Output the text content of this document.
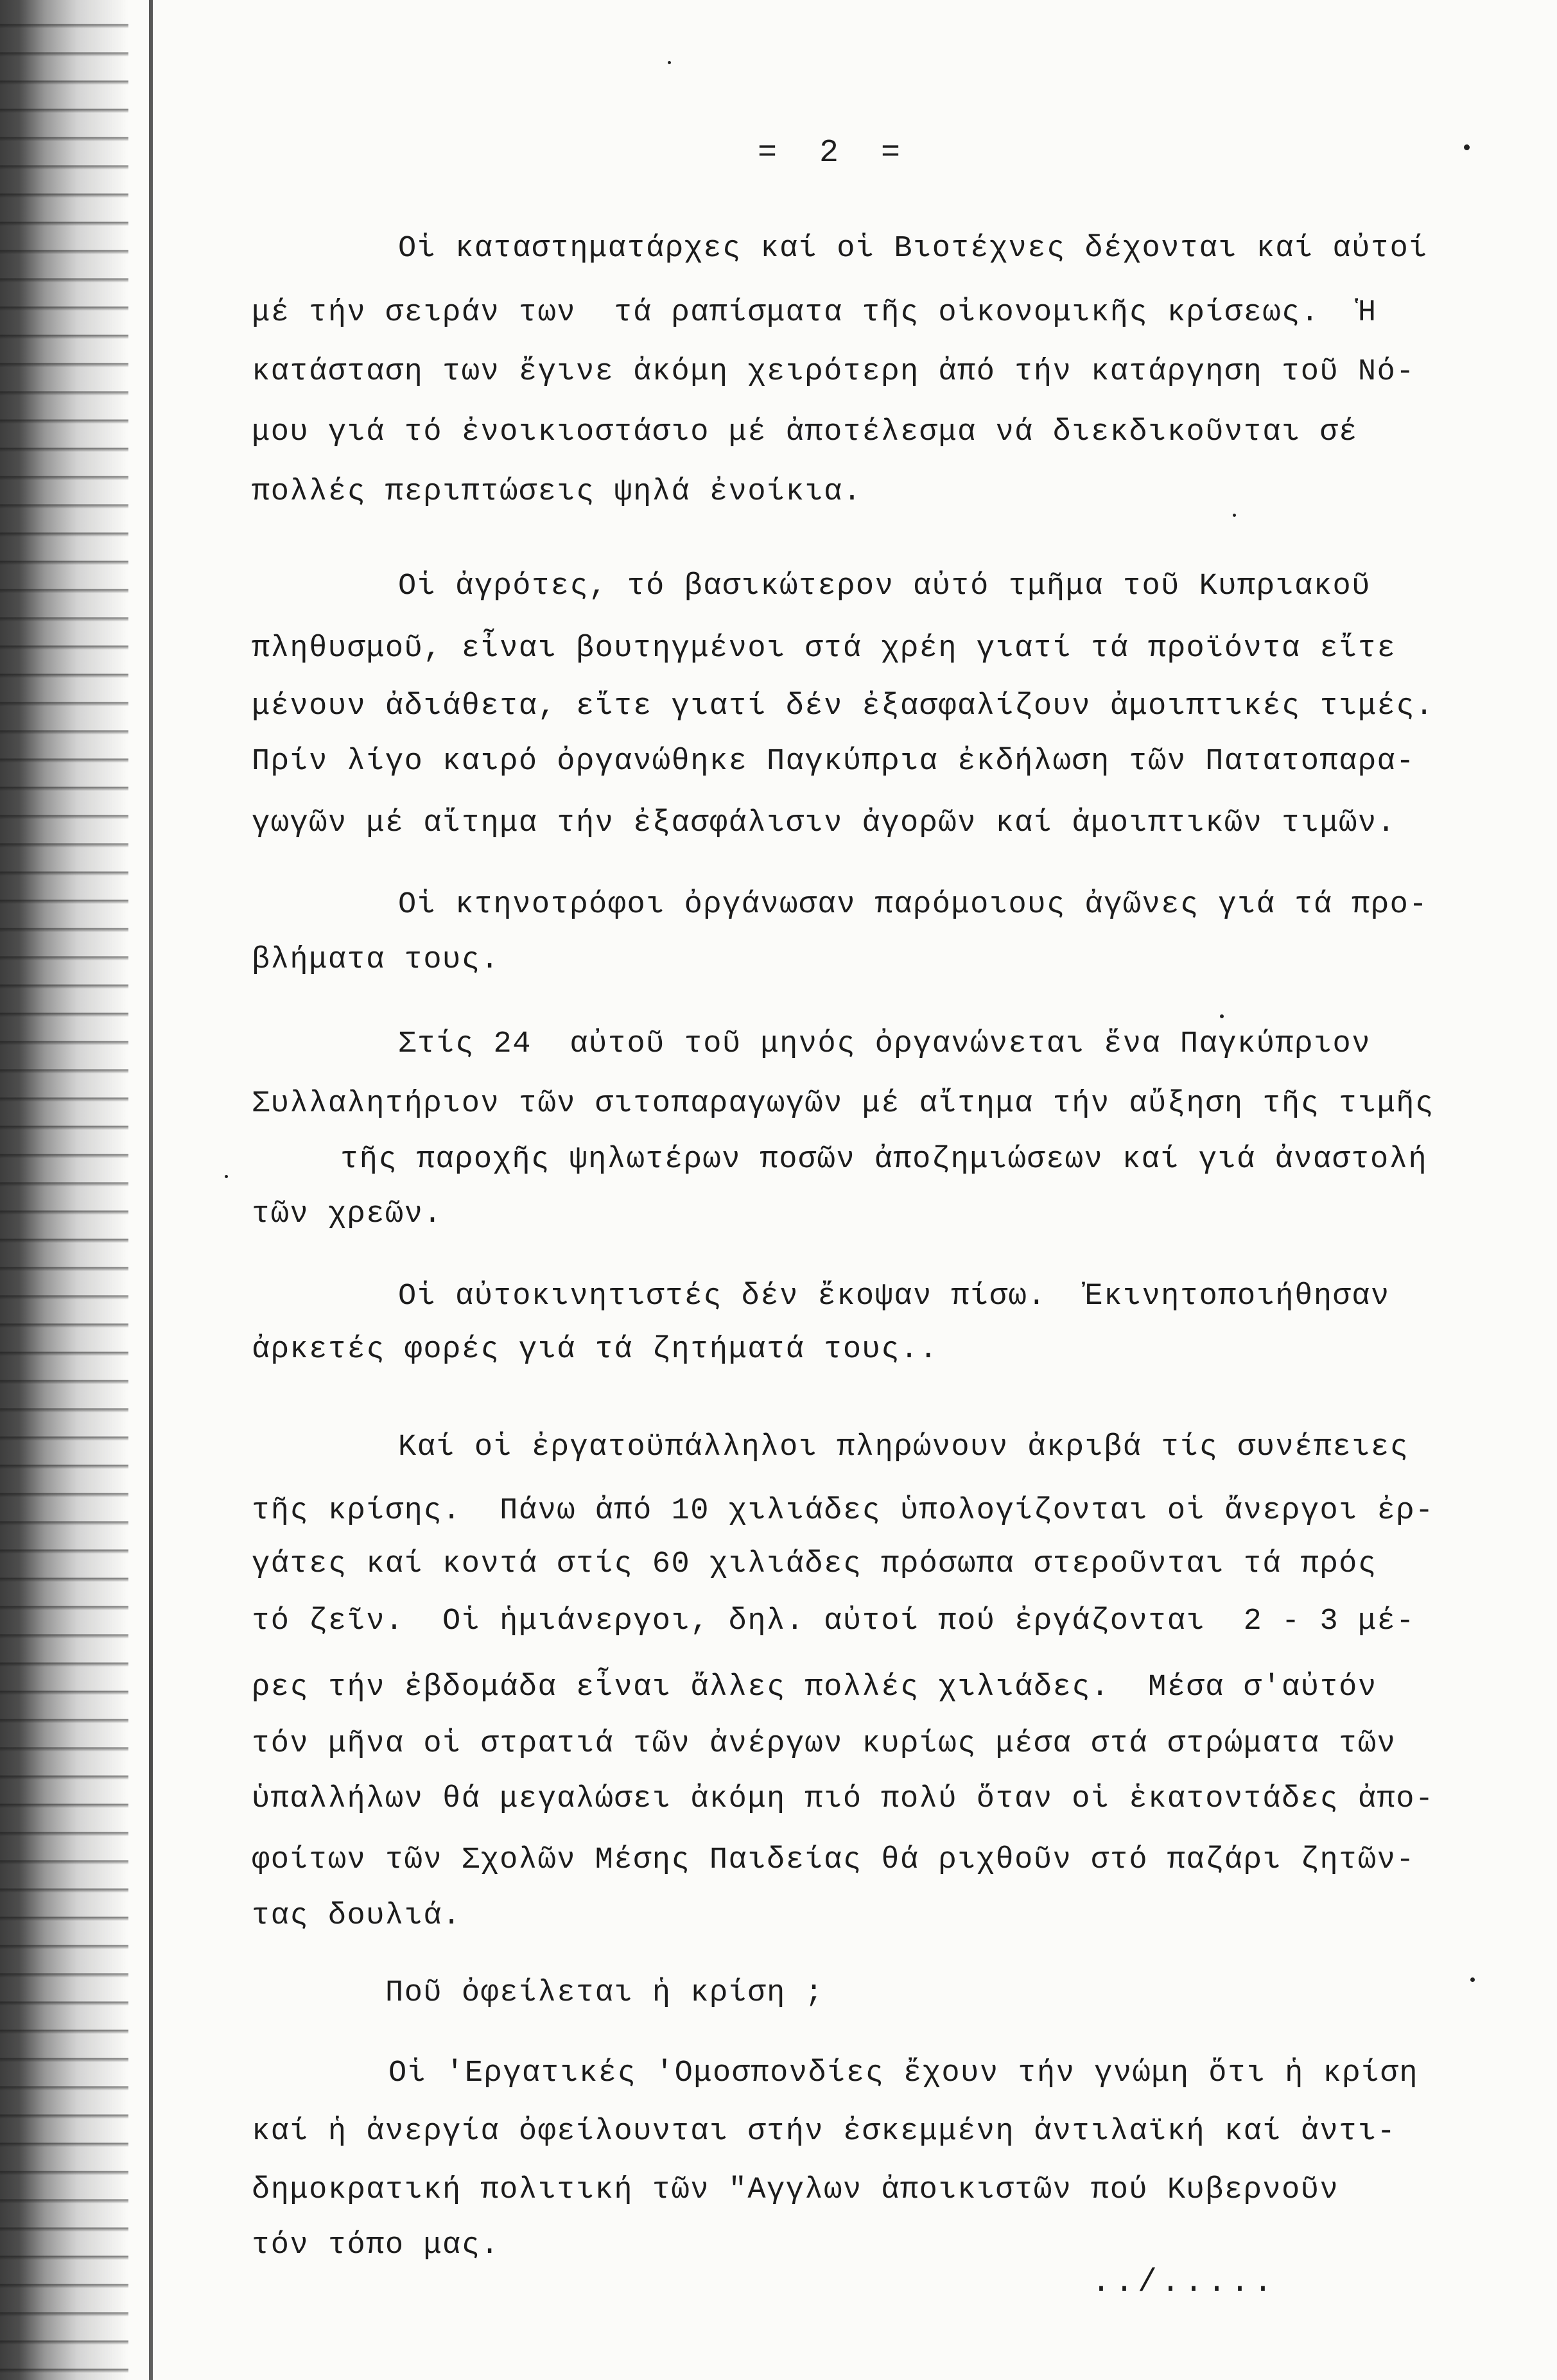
= 2 =
Οἱ καταστηματάρχες καί οἱ Βιοτέχνες δέχονται καί αὐτοί
μέ τήν σειράν των  τά ραπίσματα τῆς οἰκονομικῆς κρίσεως.  Ἡ
κατάσταση των ἔγινε ἀκόμη χειρότερη ἀπό τήν κατάργηση τοῦ Νό-
μου γιά τό ἐνοικιοστάσιο μέ ἀποτέλεσμα νά διεκδικοῦνται σέ
πολλές περιπτώσεις ψηλά ἐνοίκια.
Οἱ ἀγρότες, τό βασικώτερον αὐτό τμῆμα τοῦ Κυπριακοῦ
πληθυσμοῦ, εἶναι βουτηγμένοι στά χρέη γιατί τά προϊόντα εἴτε
μένουν ἀδιάθετα, εἴτε γιατί δέν ἐξασφαλίζουν ἀμοιπτικές τιμές.
Πρίν λίγο καιρό ὀργανώθηκε Παγκύπρια ἐκδήλωση τῶν Πατατοπαρα-
γωγῶν μέ αἴτημα τήν ἐξασφάλισιν ἀγορῶν καί ἀμοιπτικῶν τιμῶν.
Οἱ κτηνοτρόφοι ὀργάνωσαν παρόμοιους ἀγῶνες γιά τά προ-
βλήματα τους.
Στίς 24  αὐτοῦ τοῦ μηνός ὀργανώνεται ἕνα Παγκύπριον
Συλλαλητήριον τῶν σιτοπαραγωγῶν μέ αἴτημα τήν αὔξηση τῆς τιμῆς
τῆς παροχῆς ψηλωτέρων ποσῶν ἀποζημιώσεων καί γιά ἀναστολή
τῶν χρεῶν.
Οἱ αὐτοκινητιστές δέν ἔκοψαν πίσω.  Ἐκινητοποιήθησαν
ἀρκετές φορές γιά τά ζητήματά τους..
Καί οἱ ἐργατοϋπάλληλοι πληρώνουν ἀκριβά τίς συνέπειες
τῆς κρίσης.  Πάνω ἀπό 10 χιλιάδες ὑπολογίζονται οἱ ἄνεργοι ἐρ-
γάτες καί κοντά στίς 60 χιλιάδες πρόσωπα στεροῦνται τά πρός
τό ζεῖν.  Οἱ ἡμιάνεργοι, δηλ. αὐτοί πού ἐργάζονται  2 - 3 μέ-
ρες τήν ἐβδομάδα εἶναι ἄλλες πολλές χιλιάδες.  Μέσα σ'αὐτόν
τόν μῆνα οἱ στρατιά τῶν ἀνέργων κυρίως μέσα στά στρώματα τῶν
ὑπαλλήλων θά μεγαλώσει ἀκόμη πιό πολύ ὅταν οἱ ἑκατοντάδες ἀπο-
φοίτων τῶν Σχολῶν Μέσης Παιδείας θά ριχθοῦν στό παζάρι ζητῶν-
τας δουλιά.
Ποῦ ὀφείλεται ἡ κρίση ;
Οἱ 'Εργατικές 'Ομοσπονδίες ἔχουν τήν γνώμη ὅτι ἡ κρίση
καί ἡ ἀνεργία ὀφείλουνται στήν ἐσκεμμένη ἀντιλαϊκή καί ἀντι-
δημοκρατική πολιτική τῶν "Αγγλων ἀποικιστῶν πού Κυβερνοῦν
τόν τόπο μας.
../.....
